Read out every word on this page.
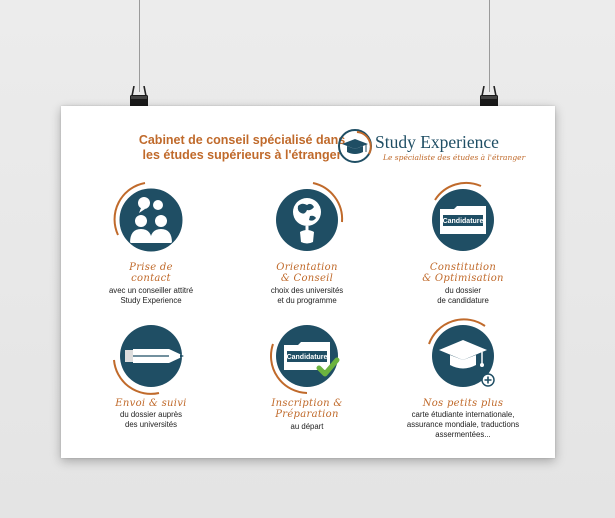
Cabinet de conseil spécialisé dans
les études supérieurs à l'étranger
Study Experience
Le spécialiste des études à l'étranger
Prise de
contact
avec un conseiller attitré
Study Experience
Orientation
& Conseil
choix des universités
et du programme
Candidature
Constitution
& Optimisation
du dossier
de candidature
Envoi & suivi
du dossier auprès
des universités
Candidature
Inscription &
Préparation
au départ
Nos petits plus
carte étudiante internationale,
assurance mondiale, traductions
assermentées...
